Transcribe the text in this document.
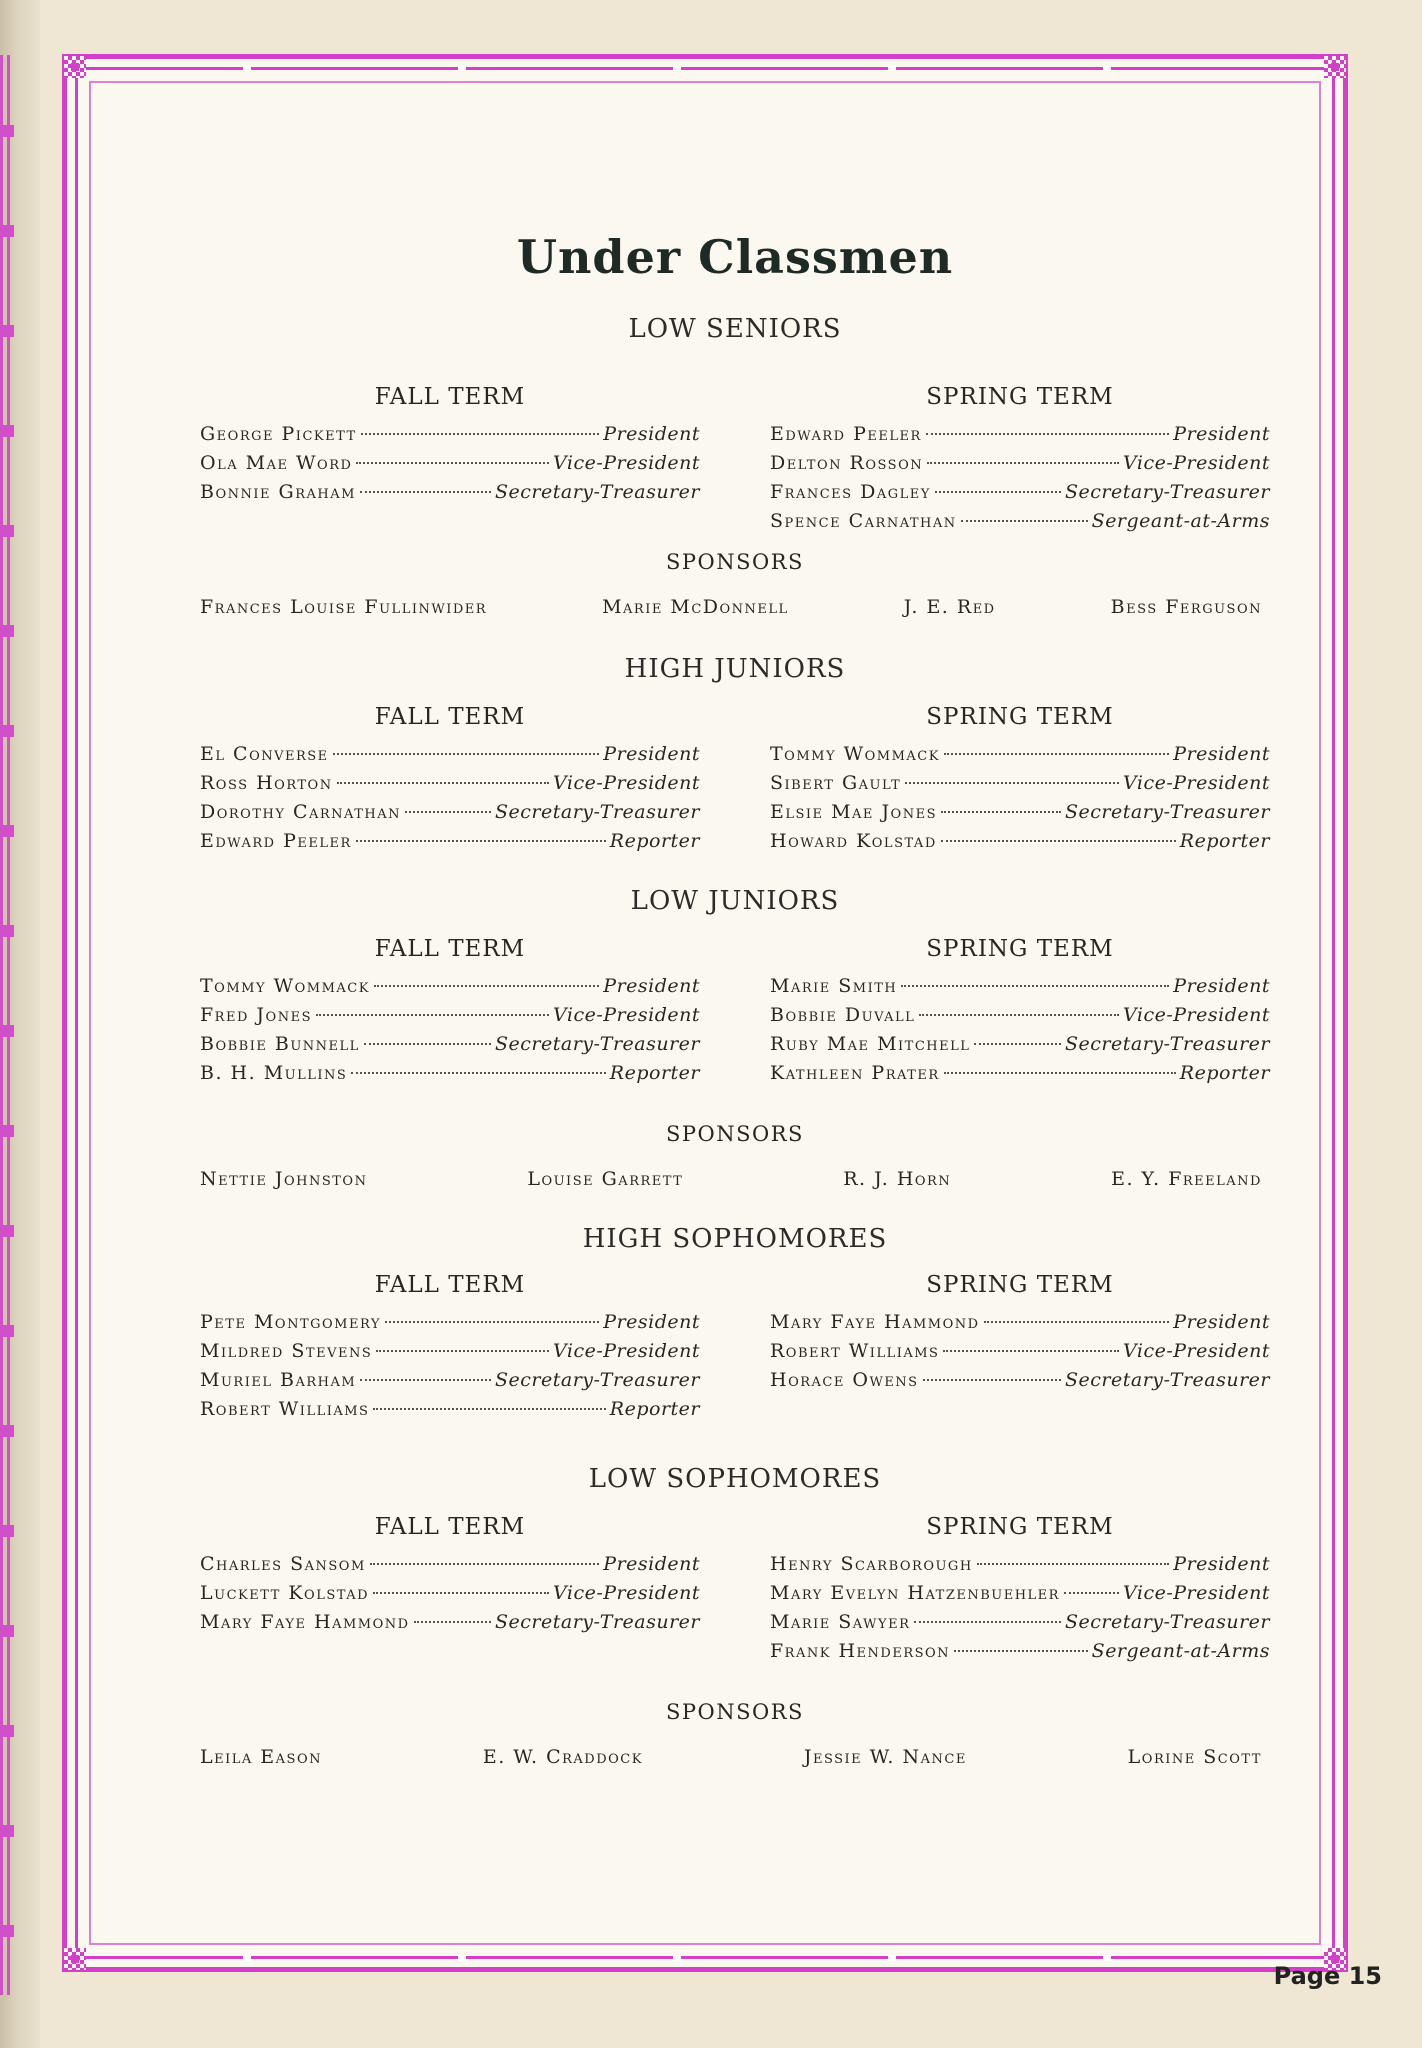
Under Classmen
LOW SENIORS
FALL TERM
George Pickett	President
Ola Mae Word	Vice-President
Bonnie Graham	Secretary-Treasurer
SPRING TERM
Edward Peeler	President
Delton Rosson	Vice-President
Frances Dagley	Secretary-Treasurer
Spence Carnathan	Sergeant-at-Arms
SPONSORS
Frances Louise Fullinwider	Marie McDonnell	J. E. Red	Bess Ferguson
HIGH JUNIORS
FALL TERM
El Converse	President
Ross Horton	Vice-President
Dorothy Carnathan	Secretary-Treasurer
Edward Peeler	Reporter
SPRING TERM
Tommy Wommack	President
Sibert Gault	Vice-President
Elsie Mae Jones	Secretary-Treasurer
Howard Kolstad	Reporter
LOW JUNIORS
FALL TERM
Tommy Wommack	President
Fred Jones	Vice-President
Bobbie Bunnell	Secretary-Treasurer
B. H. Mullins	Reporter
SPRING TERM
Marie Smith	President
Bobbie Duvall	Vice-President
Ruby Mae Mitchell	Secretary-Treasurer
Kathleen Prater	Reporter
SPONSORS
Nettie Johnston	Louise Garrett	R. J. Horn	E. Y. Freeland
HIGH SOPHOMORES
FALL TERM
Pete Montgomery	President
Mildred Stevens	Vice-President
Muriel Barham	Secretary-Treasurer
Robert Williams	Reporter
SPRING TERM
Mary Faye Hammond	President
Robert Williams	Vice-President
Horace Owens	Secretary-Treasurer
LOW SOPHOMORES
FALL TERM
Charles Sansom	President
Luckett Kolstad	Vice-President
Mary Faye Hammond	Secretary-Treasurer
SPRING TERM
Henry Scarborough	President
Mary Evelyn Hatzenbuehler	Vice-President
Marie Sawyer	Secretary-Treasurer
Frank Henderson	Sergeant-at-Arms
SPONSORS
Leila Eason	E. W. Craddock	Jessie W. Nance	Lorine Scott
Page 15
